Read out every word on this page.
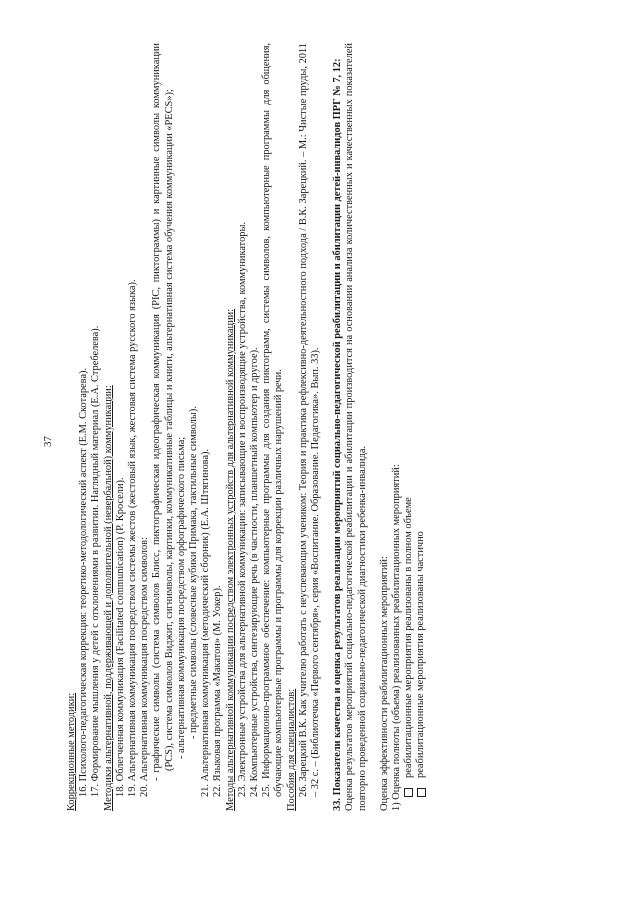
37

Коррекционные методики: 16. Психолого-педагогическая коррекция: теоретико-методологический аспект (Е.М. Скотарева). 17. Формирование мышления у детей с отклонениями в развитии. Наглядный материал (Е.А. Стребелева). Методики альтернативной, поддерживающей и дополнительной (невербальной) коммуникации: 18. Облегченная коммуникация (Facilitated communication) (Р. Кросели). 19. Альтернативная коммуникация посредством системы жестов (жестовый язык, жестовая система русского языка). 20. Альтернативная коммуникация посредством символов: - графические символы (система символов Блисс, пиктографическая идеографическая коммуникация (PIC, пиктограммы) и картинные символы коммуникации (PCS), система символов Виджит, сигнимволы, картинки, коммуникативные таблицы и книги, альтернативная система обучения коммуникации «PECS»); - альтернативная коммуникация посредством орфографического письма; - предметные символы (словесные кубики Примака, тактильные символы). 21. Альтернативная коммуникация (методический сборник) (Е.А. Штягинова). 22. Языковая программа «Макатон» (М. Уокер). Методы альтернативной коммуникации посредством электронных устройств для альтернативной коммуникации: 23. Электронные устройства для альтернативной коммуникации: записывающие и воспроизводящие устройства, коммуникаторы. 24. Компьютерные устройства, синтезирующие речь (в частности, планшетный компьютер и другое). 25. Информационно-программное обеспечение: компьютерные программы для создания пиктограмм, системы символов, компьютерные программы для общения, обучающие компьютерные программы и программы для коррекции различных нарушений речи. Пособия для специалистов: 26. Зарецкий В.К. Как учителю работать с неуспевающим учеником: Теория и практика рефлексивно-деятельностного подхода / В.К. Зарецкий. – М.: Чистые пруды, 2011 – 32 с. – (Библиотечка «Первого сентября», серия «Воспитание. Образование. Педагогика». Вып. 33). 33. Показатели качества и оценка результатов реализации мероприятий социально-педагогической реабилитации и абилитации детей-инвалидов ПРГ № 7, 12: Оценка результатов мероприятий социально-педагогической реабилитации и абилитации производится на основании анализа количественных и качественных показателей повторно проведенной социально-педагогической диагностики ребенка-инвалида. Оценка эффективности реабилитационных мероприятий: 1) Оценка полноты (объема) реализованных реабилитационных мероприятий: реабилитационные мероприятия реализованы в полном объеме реабилитационные мероприятия реализованы частично
